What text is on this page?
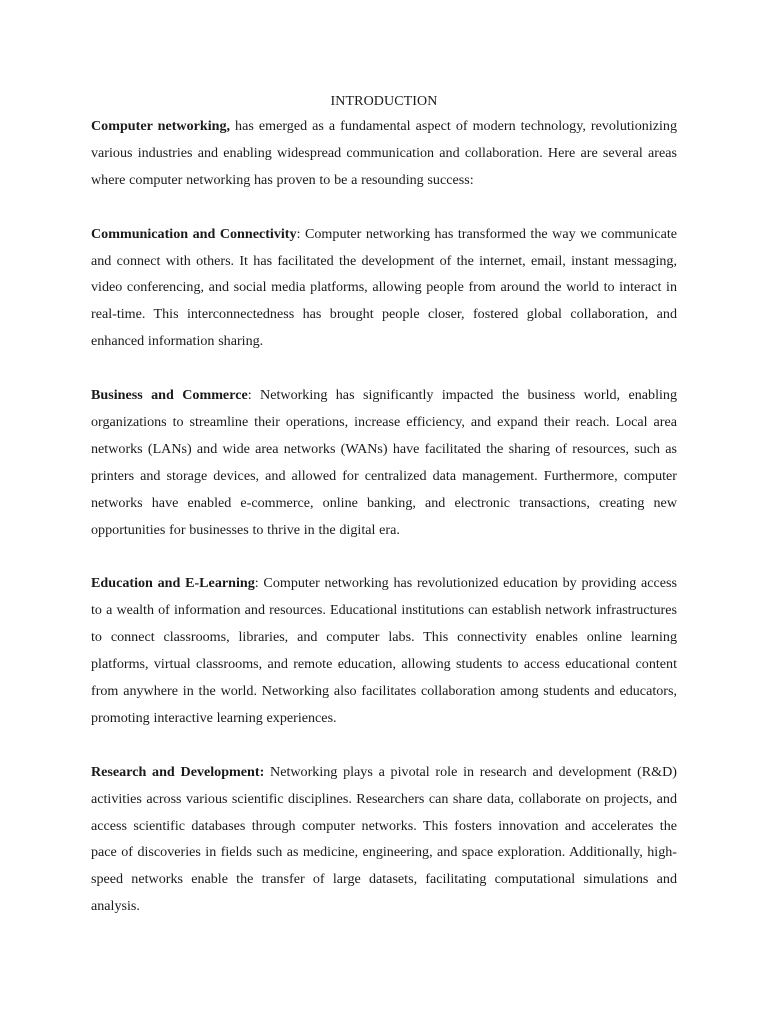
INTRODUCTION

Computer networking, has emerged as a fundamental aspect of modern technology, revolutionizing various industries and enabling widespread communication and collaboration. Here are several areas where computer networking has proven to be a resounding success:

Communication and Connectivity: Computer networking has transformed the way we communicate and connect with others. It has facilitated the development of the internet, email, instant messaging, video conferencing, and social media platforms, allowing people from around the world to interact in real-time. This interconnectedness has brought people closer, fostered global collaboration, and enhanced information sharing.

Business and Commerce: Networking has significantly impacted the business world, enabling organizations to streamline their operations, increase efficiency, and expand their reach. Local area networks (LANs) and wide area networks (WANs) have facilitated the sharing of resources, such as printers and storage devices, and allowed for centralized data management. Furthermore, computer networks have enabled e-commerce, online banking, and electronic transactions, creating new opportunities for businesses to thrive in the digital era.

Education and E-Learning: Computer networking has revolutionized education by providing access to a wealth of information and resources. Educational institutions can establish network infrastructures to connect classrooms, libraries, and computer labs. This connectivity enables online learning platforms, virtual classrooms, and remote education, allowing students to access educational content from anywhere in the world. Networking also facilitates collaboration among students and educators, promoting interactive learning experiences.

Research and Development: Networking plays a pivotal role in research and development (R&D) activities across various scientific disciplines. Researchers can share data, collaborate on projects, and access scientific databases through computer networks. This fosters innovation and accelerates the pace of discoveries in fields such as medicine, engineering, and space exploration. Additionally, high-speed networks enable the transfer of large datasets, facilitating computational simulations and analysis.
